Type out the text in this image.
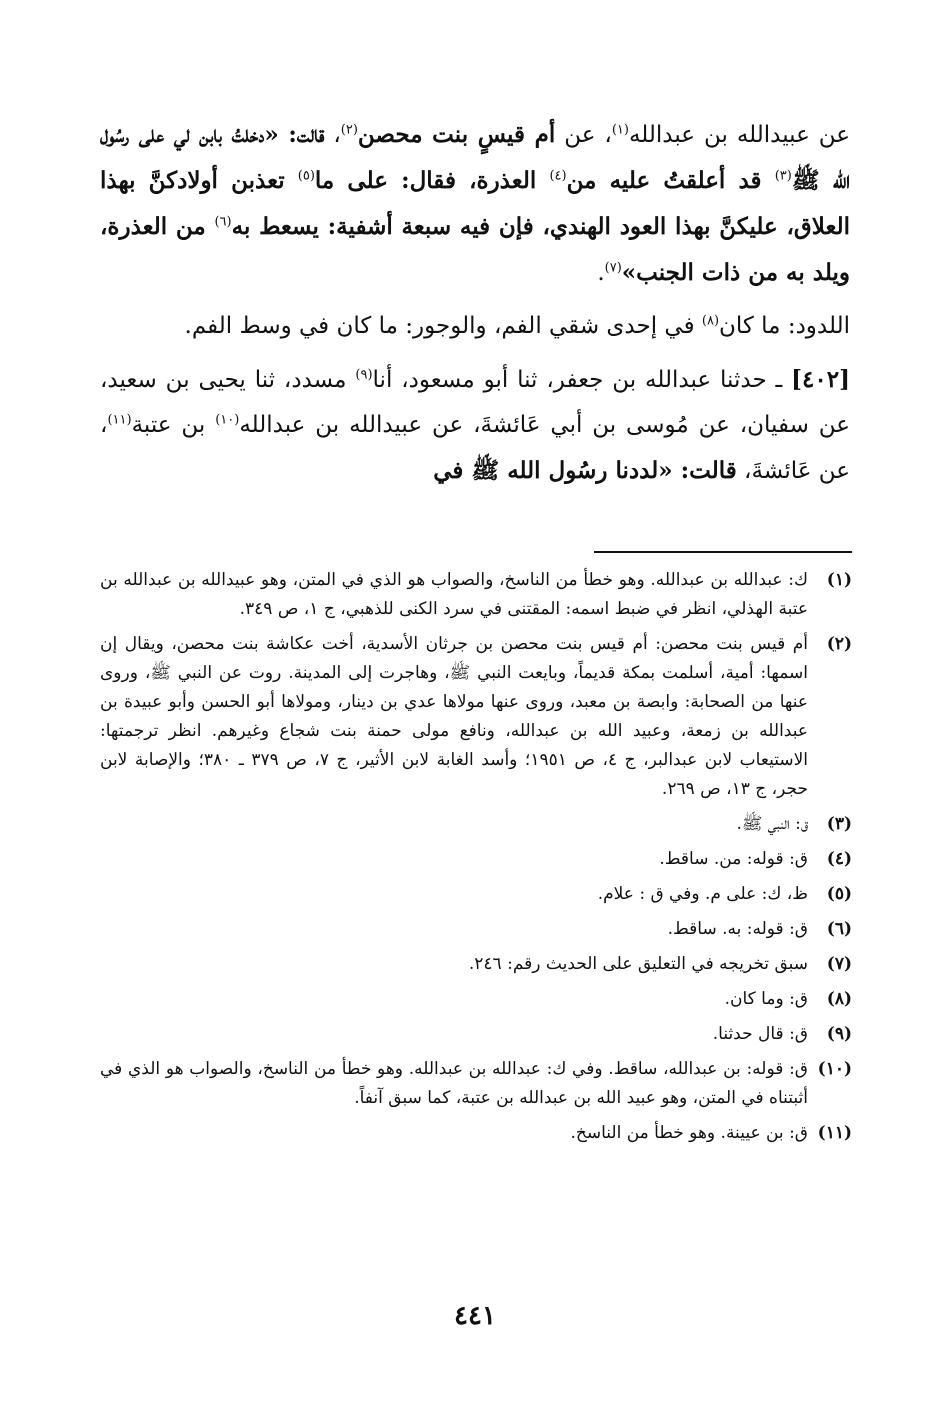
عن عبيدالله بن عبدالله$^{(١)}$، عن أم قيسٍ بنت محصن$^{(٢)}$، قالت: «دخلتُ بابن لي على رسُول الله ﷺ$^{(٣)}$ قد أعلقتُ عليه من$^{(٤)}$ العذرة، فقال: على ما$^{(٥)}$ تعذبن أولادكنَّ بهذا العلاق، عليكنَّ بهذا العود الهندي، فإن فيه سبعة أشفية: يسعط به$^{(٦)}$ من العذرة، ويلد به من ذات الجنب»$^{(٧)}$.

اللدود: ما كان$^{(٨)}$ في إحدى شقي الفم، والوجور: ما كان في وسط الفم.

[٤٠٢] ـ حدثنا عبدالله بن جعفر، ثنا أبو مسعود، أنا$^{(٩)}$ مسدد، ثنا يحيى بن سعيد، عن سفيان، عن مُوسى بن أبي عَائشةَ، عن عبيدالله بن عبدالله$^{(١٠)}$ بن عتبة$^{(١١)}$، عن عَائشةَ، قالت: «لددنا رسُول الله ﷺ في

(١)
ك: عبدالله بن عبدالله. وهو خطأ من الناسخ، والصواب هو الذي في المتن، وهو عبيدالله بن عبدالله بن عتبة الهذلي، انظر في ضبط اسمه: المقتنى في سرد الكنى للذهبي، ج ١، ص ٣٤٩.
(٢)
أم قيس بنت محصن: أم قيس بنت محصن بن جرثان الأسدية، أخت عكاشة بنت محصن، ويقال إن اسمها: أمية، أسلمت بمكة قديماً، وبايعت النبي ﷺ، وهاجرت إلى المدينة. روت عن النبي ﷺ، وروى عنها من الصحابة: وابصة بن معبد، وروى عنها مولاها عدي بن دينار، ومولاها أبو الحسن وأبو عبيدة بن عبدالله بن زمعة، وعبيد الله بن عبدالله، ونافع مولى حمنة بنت شجاع وغيرهم. انظر ترجمتها: الاستيعاب لابن عبدالبر، ج ٤، ص ١٩٥١؛ وأسد الغابة لابن الأثير، ج ٧، ص ٣٧٩ ـ ٣٨٠؛ والإصابة لابن حجر، ج ١٣، ص ٢٦٩.
(٣)
ق: النبي ﷺ.
(٤)
ق: قوله: من. ساقط.
(٥)
ظ، ك: على م. وفي ق : علام.
(٦)
ق: قوله: به. ساقط.
(٧)
سبق تخريجه في التعليق على الحديث رقم: ٢٤٦.
(٨)
ق: وما كان.
(٩)
ق: قال حدثنا.
(١٠)
ق: قوله: بن عبدالله، ساقط. وفي ك: عبدالله بن عبدالله. وهو خطأ من الناسخ، والصواب هو الذي في أثبتناه في المتن، وهو عبيد الله بن عبدالله بن عتبة، كما سبق آنفاً.
(١١)
ق: بن عيينة. وهو خطأ من الناسخ.
٤٤١
